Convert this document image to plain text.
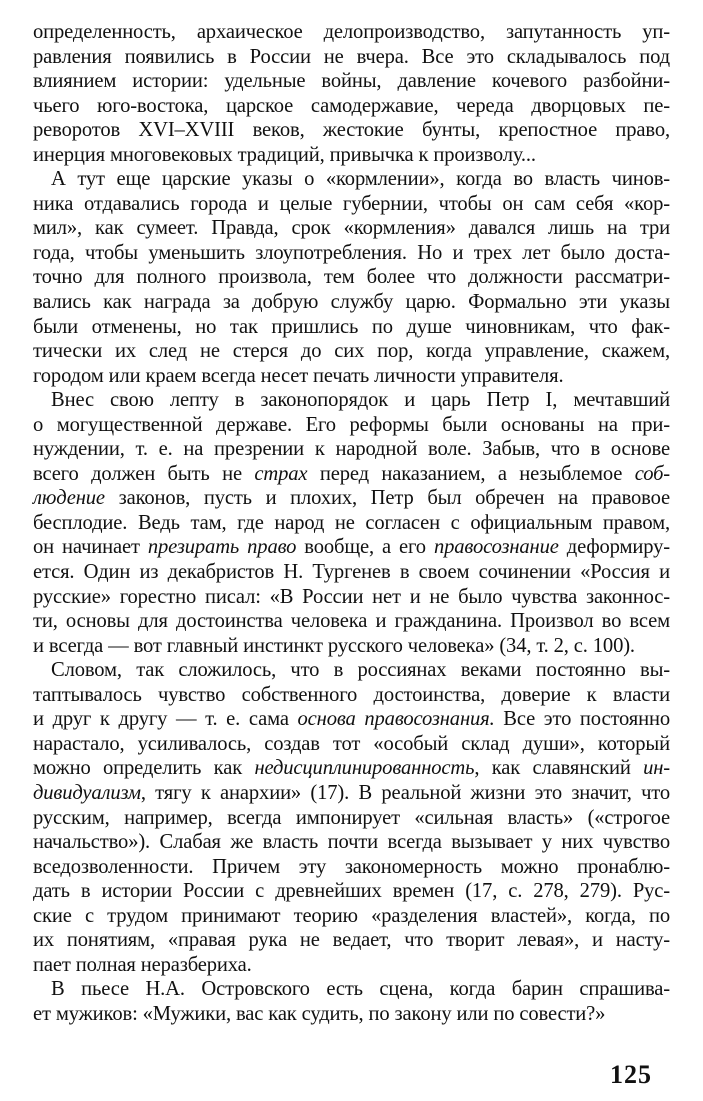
определенность, архаическое делопроизводство, запутанность уп-
равления появились в России не вчера. Все это складывалось под
влиянием истории: удельные войны, давление кочевого разбойни-
чьего юго-востока, царское самодержавие, череда дворцовых пе-
реворотов XVI–XVIII веков, жестокие бунты, крепостное право,
инерция многовековых традиций, привычка к произволу...
А тут еще царские указы о «кормлении», когда во власть чинов-
ника отдавались города и целые губернии, чтобы он сам себя «кор-
мил», как сумеет. Правда, срок «кормления» давался лишь на три
года, чтобы уменьшить злоупотребления. Но и трех лет было доста-
точно для полного произвола, тем более что должности рассматри-
вались как награда за добрую службу царю. Формально эти указы
были отменены, но так пришлись по душе чиновникам, что фак-
тически их след не стерся до сих пор, когда управление, скажем,
городом или краем всегда несет печать личности управителя.
Внес свою лепту в законопорядок и царь Петр I, мечтавший
о могущественной державе. Его реформы были основаны на при-
нуждении, т. е. на презрении к народной воле. Забыв, что в основе
всего должен быть не страх перед наказанием, а незыблемое соб-
людение законов, пусть и плохих, Петр был обречен на правовое
бесплодие. Ведь там, где народ не согласен с официальным правом,
он начинает презирать право вообще, а его правосознание деформиру-
ется. Один из декабристов Н. Тургенев в своем сочинении «Россия и
русские» горестно писал: «В России нет и не было чувства законнос-
ти, основы для достоинства человека и гражданина. Произвол во всем
и всегда — вот главный инстинкт русского человека» (34, т. 2, с. 100).
Словом, так сложилось, что в россиянах веками постоянно вы-
таптывалось чувство собственного достоинства, доверие к власти
и друг к другу — т. е. сама основа правосознания. Все это постоянно
нарастало, усиливалось, создав тот «особый склад души», который
можно определить как недисциплинированность, как славянский ин-
дивидуализм, тягу к анархии» (17). В реальной жизни это значит, что
русским, например, всегда импонирует «сильная власть» («строгое
начальство»). Слабая же власть почти всегда вызывает у них чувство
вседозволенности. Причем эту закономерность можно пронаблю-
дать в истории России с древнейших времен (17, с. 278, 279). Рус-
ские с трудом принимают теорию «разделения властей», когда, по
их понятиям, «правая рука не ведает, что творит левая», и насту-
пает полная неразбериха.
В пьесе Н.А. Островского есть сцена, когда барин спрашива-
ет мужиков: «Мужики, вас как судить, по закону или по совести?»
125
